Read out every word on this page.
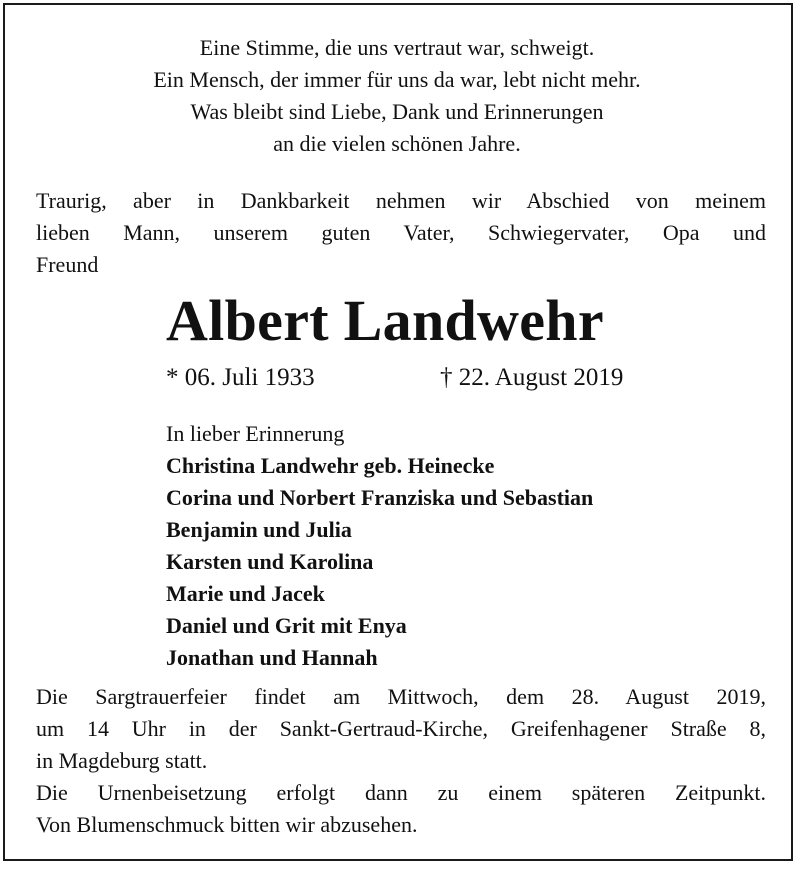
Eine Stimme, die uns vertraut war, schweigt.
Ein Mensch, der immer für uns da war, lebt nicht mehr.
Was bleibt sind Liebe, Dank und Erinnerungen
an die vielen schönen Jahre.
Traurig, aber in Dankbarkeit nehmen wir Abschied von meinem
lieben Mann, unserem guten Vater, Schwiegervater, Opa und
Freund
Albert Landwehr
* 06. Juli 1933	† 22. August 2019
In lieber Erinnerung
Christina Landwehr geb. Heinecke
Corina und Norbert Franziska und Sebastian
Benjamin und Julia
Karsten und Karolina
Marie und Jacek
Daniel und Grit mit Enya
Jonathan und Hannah
Die Sargtrauerfeier findet am Mittwoch, dem 28. August 2019,
um 14 Uhr in der Sankt-Gertraud-Kirche, Greifenhagener Straße 8,
in Magdeburg statt.
Die Urnenbeisetzung erfolgt dann zu einem späteren Zeitpunkt.
Von Blumenschmuck bitten wir abzusehen.
